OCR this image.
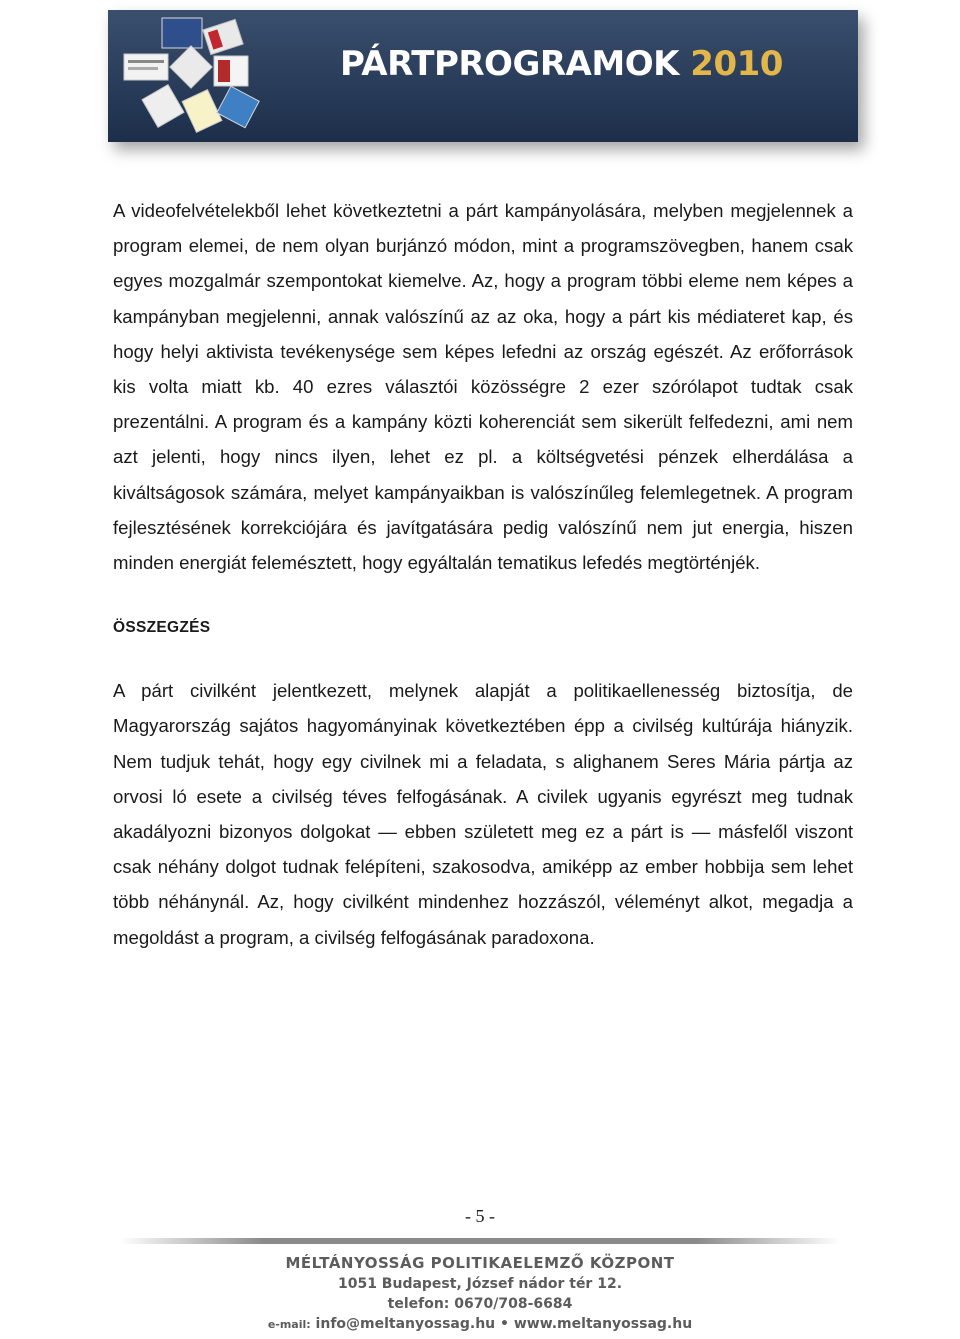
PÁRTPROGRAMOK 2010

A videofelvételekből lehet következtetni a párt kampányolására, melyben megjelennek a program elemei, de nem olyan burjánzó módon, mint a programszövegben, hanem csak egyes mozgalmár szempontokat kiemelve. Az, hogy a program többi eleme nem képes a kampányban megjelenni, annak valószínű az az oka, hogy a párt kis médiateret kap, és hogy helyi aktivista tevékenysége sem képes lefedni az ország egészét. Az erőforrások kis volta miatt kb. 40 ezres választói közösségre 2 ezer szórólapot tudtak csak prezentálni. A program és a kampány közti koherenciát sem sikerült felfedezni, ami nem azt jelenti, hogy nincs ilyen, lehet ez pl. a költségvetési pénzek elherdálása a kiváltságosok számára, melyet kampányaikban is valószínűleg felemlegetnek. A program fejlesztésének korrekciójára és javítgatására pedig valószínű nem jut energia, hiszen minden energiát felemésztett, hogy egyáltalán tematikus lefedés megtörténjék.

ÖSSZEGZÉS

A párt civilként jelentkezett, melynek alapját a politikaellenesség biztosítja, de Magyarország sajátos hagyományinak következtében épp a civilség kultúrája hiányzik. Nem tudjuk tehát, hogy egy civilnek mi a feladata, s alighanem Seres Mária pártja az orvosi ló esete a civilség téves felfogásának. A civilek ugyanis egyrészt meg tudnak akadályozni bizonyos dolgokat — ebben született meg ez a párt is — másfelől viszont csak néhány dolgot tudnak felépíteni, szakosodva, amiképp az ember hobbija sem lehet több néhánynál. Az, hogy civilként mindenhez hozzászól, véleményt alkot, megadja a megoldást a program, a civilség felfogásának paradoxona.

- 5 -
MÉLTÁNYOSSÁG POLITIKAELEMZŐ KÖZPONT
1051 Budapest, József nádor tér 12.
telefon: 0670/708-6684
e-mail: info@meltanyossag.hu • www.meltanyossag.hu
